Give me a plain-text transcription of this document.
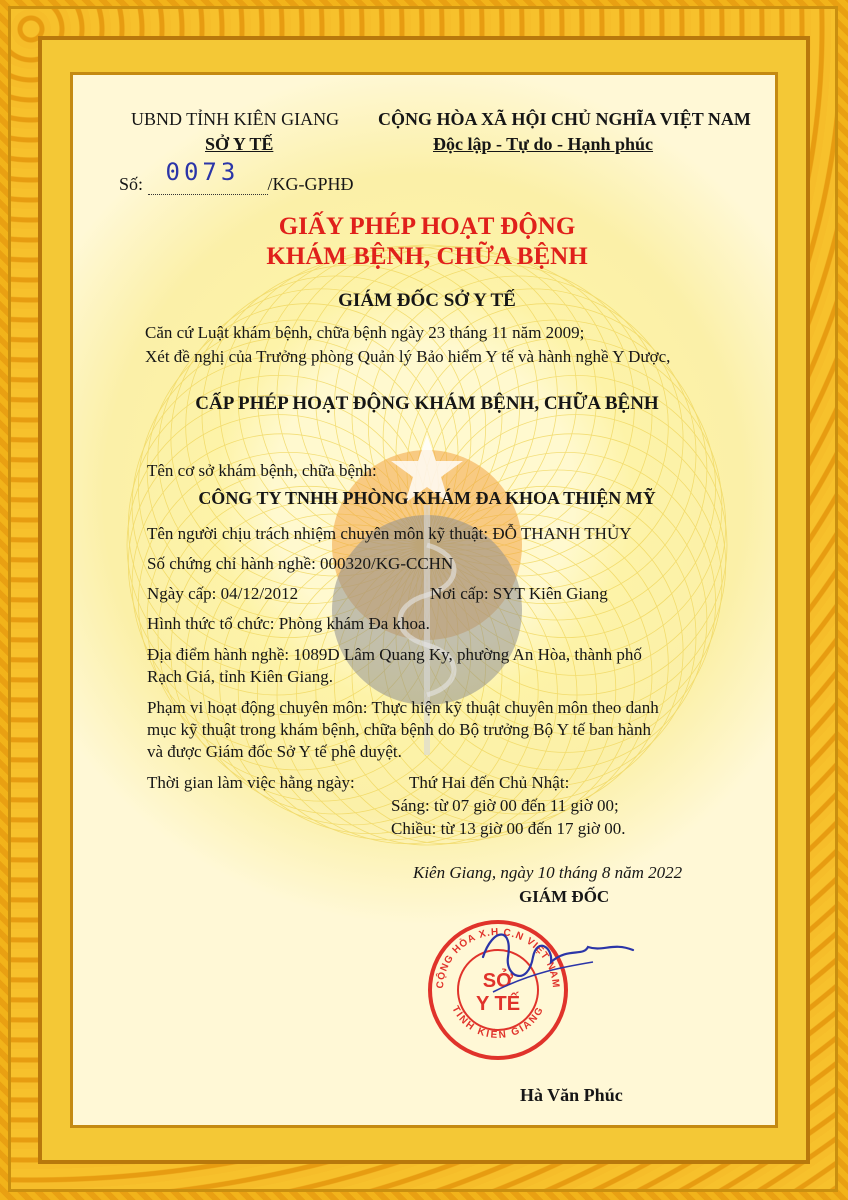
UBND TỈNH KIÊN GIANG
SỞ Y TẾ
Số: 0073 /KG-GPHĐ
CỘNG HÒA XÃ HỘI CHỦ NGHĨA VIỆT NAM
Độc lập - Tự do - Hạnh phúc
GIẤY PHÉP HOẠT ĐỘNG
KHÁM BỆNH, CHỮA BỆNH
GIÁM ĐỐC SỞ Y TẾ
Căn cứ Luật khám bệnh, chữa bệnh ngày 23 tháng 11 năm 2009;
Xét đề nghị của Trưởng phòng Quản lý Bảo hiểm Y tế và hành nghề Y Dược,
CẤP PHÉP HOẠT ĐỘNG KHÁM BỆNH, CHỮA BỆNH
Tên cơ sở khám bệnh, chữa bệnh:
CÔNG TY TNHH PHÒNG KHÁM ĐA KHOA THIỆN MỸ
Tên người chịu trách nhiệm chuyên môn kỹ thuật: ĐỖ THANH THỦY
Số chứng chỉ hành nghề: 000320/KG-CCHN
Ngày cấp: 04/12/2012	Nơi cấp: SYT Kiên Giang
Hình thức tổ chức: Phòng khám Đa khoa.
Địa điểm hành nghề: 1089D Lâm Quang Ky, phường An Hòa, thành phố
Rạch Giá, tỉnh Kiên Giang.
Phạm vi hoạt động chuyên môn: Thực hiện kỹ thuật chuyên môn theo danh
mục kỹ thuật trong khám bệnh, chữa bệnh do Bộ trưởng Bộ Y tế ban hành
và được Giám đốc Sở Y tế phê duyệt.
Thời gian làm việc hằng ngày:	Thứ Hai đến Chủ Nhật:
Sáng: từ 07 giờ 00 đến 11 giờ 00;
Chiều: từ 13 giờ 00 đến 17 giờ 00.
Kiên Giang, ngày 10 tháng 8 năm 2022
GIÁM ĐỐC
CỘNG HÒA X.H.C.N VIỆT NAM
TỈNH KIÊN GIANG
SỞ
Y TẾ
Hà Văn Phúc
